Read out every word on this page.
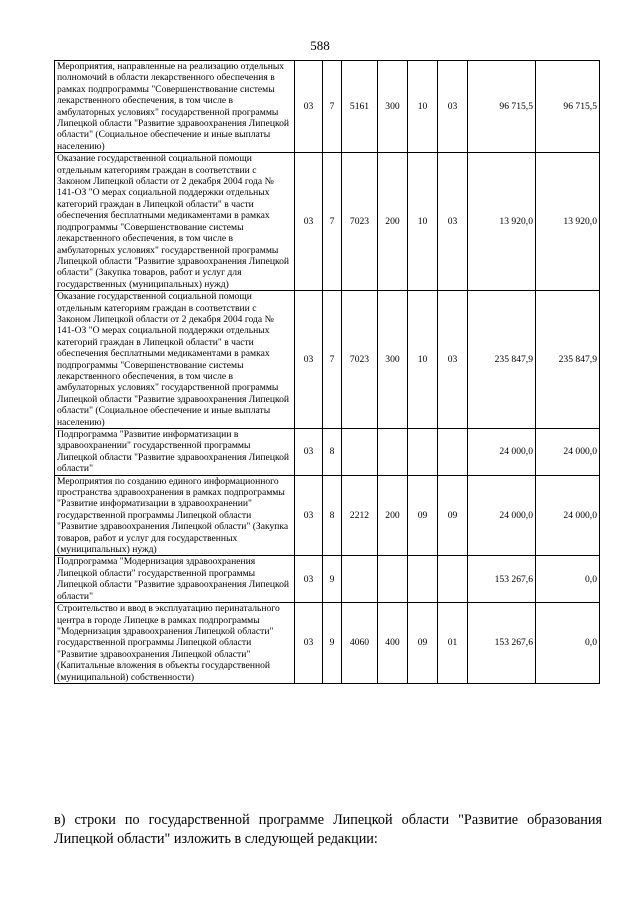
588
Мероприятия, направленные на реализацию отдельных полномочий в области лекарственного обеспечения в рамках подпрограммы "Совершенствование системы лекарственного обеспечения, в том числе в амбулаторных условиях" государственной программы Липецкой области "Развитие здравоохранения Липецкой области" (Социальное обеспечение и иные выплаты населению)	03	7	5161	300	10	03	96 715,5	96 715,5
Оказание государственной социальной помощи отдельным категориям граждан в соответствии с Законом Липецкой области от 2 декабря 2004 года № 141-ОЗ "О мерах социальной поддержки отдельных категорий граждан в Липецкой области" в части обеспечения бесплатными медикаментами в рамках подпрограммы "Совершенствование системы лекарственного обеспечения, в том числе в амбулаторных условиях" государственной программы Липецкой области "Развитие здравоохранения Липецкой области" (Закупка товаров, работ и услуг для государственных (муниципальных) нужд)	03	7	7023	200	10	03	13 920,0	13 920,0
Оказание государственной социальной помощи отдельным категориям граждан в соответствии с Законом Липецкой области от 2 декабря 2004 года № 141-ОЗ "О мерах социальной поддержки отдельных категорий граждан в Липецкой области" в части обеспечения бесплатными медикаментами в рамках подпрограммы "Совершенствование системы лекарственного обеспечения, в том числе в амбулаторных условиях" государственной программы Липецкой области "Развитие здравоохранения Липецкой области" (Социальное обеспечение и иные выплаты населению)	03	7	7023	300	10	03	235 847,9	235 847,9
Подпрограмма "Развитие информатизации в здравоохранении" государственной программы Липецкой области "Развитие здравоохранения Липецкой области"	03	8					24 000,0	24 000,0
Мероприятия по созданию единого информационного пространства здравоохранения в рамках подпрограммы "Развитие информатизации в здравоохранении" государственной программы Липецкой области "Развитие здравоохранения Липецкой области" (Закупка товаров, работ и услуг для государственных (муниципальных) нужд)	03	8	2212	200	09	09	24 000,0	24 000,0
Подпрограмма "Модернизация здравоохранения Липецкой области" государственной программы Липецкой области "Развитие здравоохранения Липецкой области"	03	9					153 267,6	0,0
Строительство и ввод в эксплуатацию перинатального центра в городе Липецке в рамках подпрограммы "Модернизация здравоохранения Липецкой области" государственной программы Липецкой области "Развитие здравоохранения Липецкой области" (Капитальные вложения в объекты государственной (муниципальной) собственности)	03	9	4060	400	09	01	153 267,6	0,0
в) строки по государственной программе Липецкой области "Развитие образования Липецкой области" изложить в следующей редакции:
